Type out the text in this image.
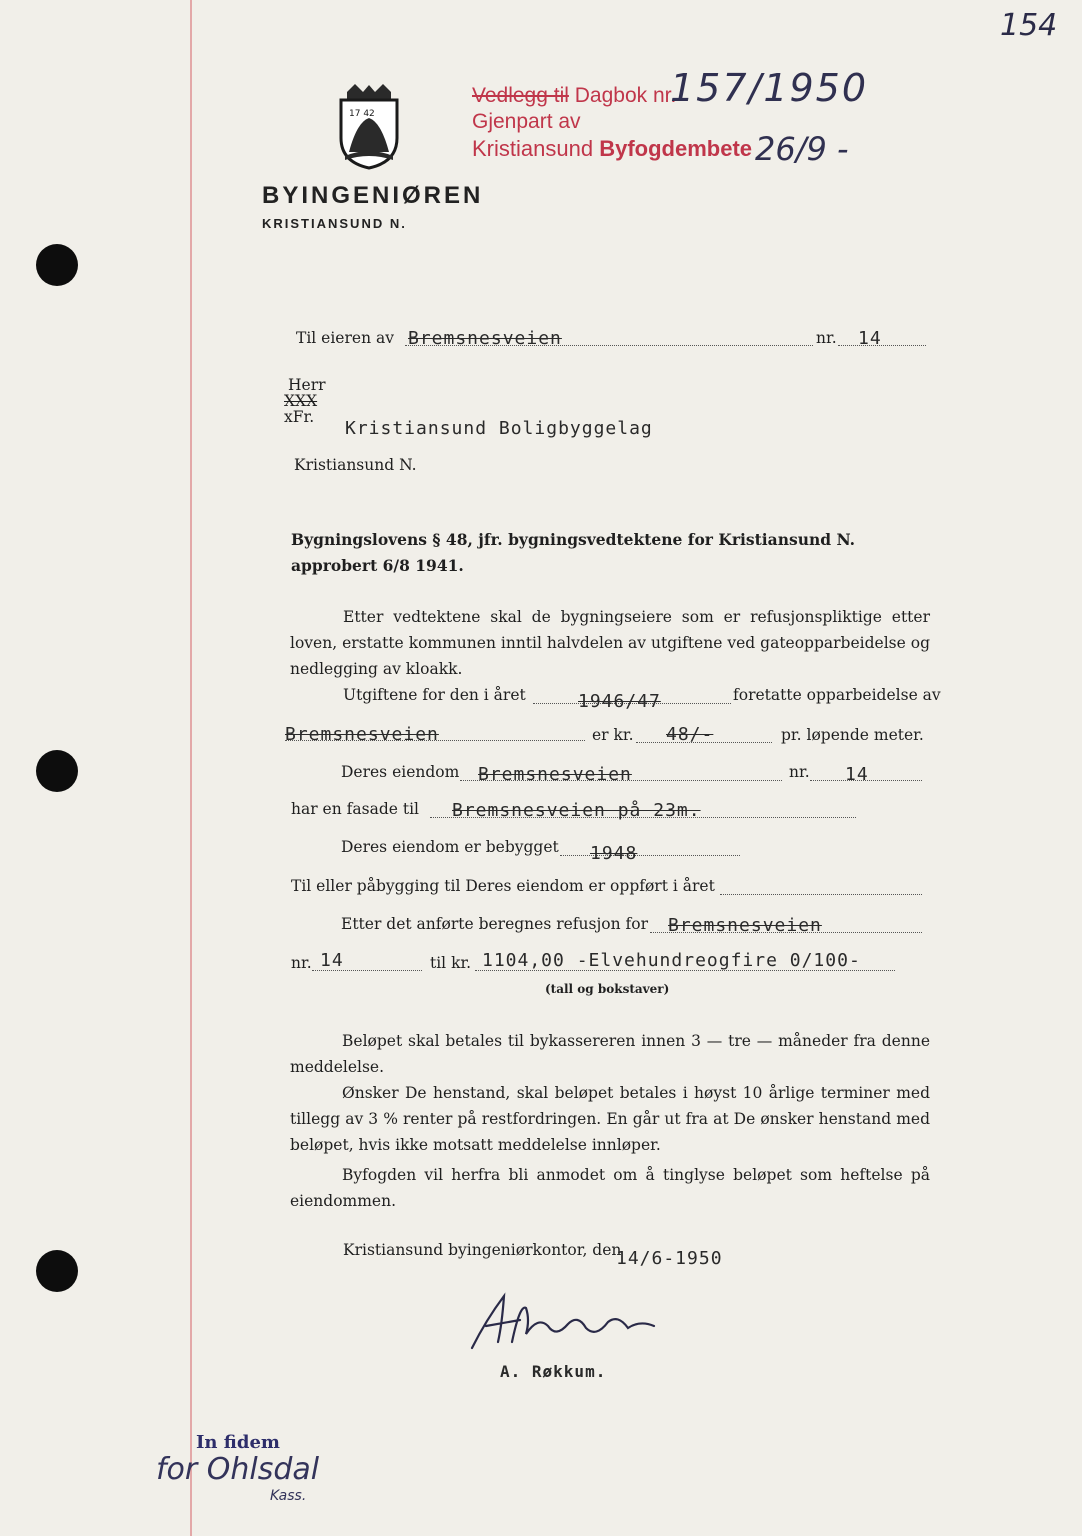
154
17 42
Vedlegg til Dagbok nr.
157/1950
Gjenpart av
Kristiansund Byfogdembete 26/9 -
BYINGENIØREN
KRISTIANSUND N.
Til eieren av Bremsnesveien	nr. 14
Herr
XXX
xFr.
Kristiansund Boligbyggelag
Kristiansund N.
Bygningslovens § 48, jfr. bygningsvedtektene for Kristiansund N.
approbert 6/8 1941.
Etter vedtektene skal de bygningseiere som er refusjonspliktige etter loven, erstatte kommunen inntil halvdelen av utgiftene ved gateopparbeidelse og nedlegging av kloakk.
Utgiftene for den i året	1946/47	foretatte opparbeidelse av
Bremsnesveien	er kr. 48/-	pr. løpende meter.
Deres eiendom Bremsnesveien	nr. 14
har en fasade til Bremsnesveien på 23m.
Deres eiendom er bebygget 1948
Til eller påbygging til Deres eiendom er oppført i året
Etter det anførte beregnes refusjon for Bremsnesveien
nr. 14	til kr. 1104,00 -Elvehundreogfire 0/100-
(tall og bokstaver)
Beløpet skal betales til bykassereren innen 3 — tre — måneder fra denne meddelelse.
Ønsker De henstand, skal beløpet betales i høyst 10 årlige terminer med tillegg av 3 % renter på restfordringen. En går ut fra at De ønsker henstand med beløpet, hvis ikke motsatt meddelelse innløper.
Byfogden vil herfra bli anmodet om å tinglyse beløpet som heftelse på eiendommen.
Kristiansund byingeniørkontor, den
14/6-1950
A. Røkkum.
In fidem
for Ohlsdal
Kass.
